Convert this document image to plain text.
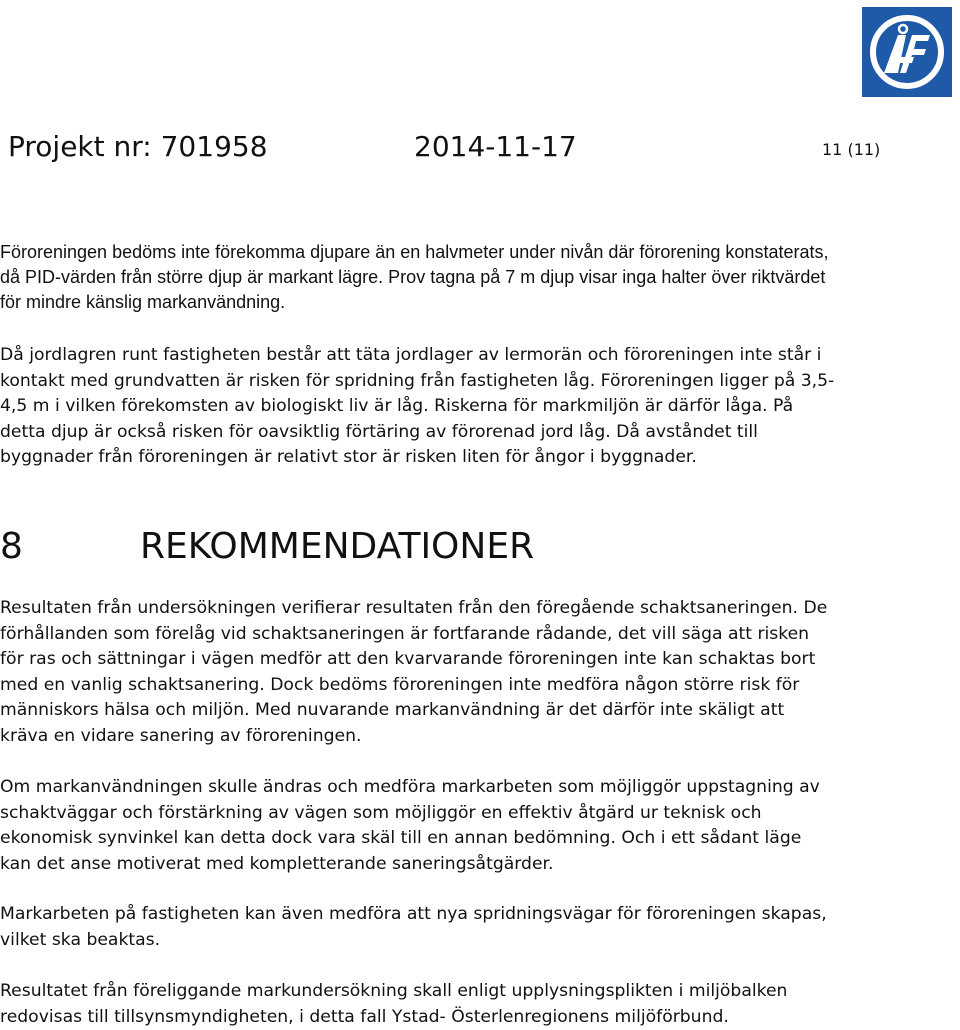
Projekt nr: 701958	2014-11-17	11 (11)

Föroreningen bedöms inte förekomma djupare än en halvmeter under nivån där förorening konstaterats, då PID-värden från större djup är markant lägre. Prov tagna på 7 m djup visar inga halter över riktvärdet för mindre känslig markanvändning.

Då jordlagren runt fastigheten består att täta jordlager av lermorän och föroreningen inte står i kontakt med grundvatten är risken för spridning från fastigheten låg. Föroreningen ligger på 3,5-4,5 m i vilken förekomsten av biologiskt liv är låg. Riskerna för markmiljön är därför låga. På detta djup är också risken för oavsiktlig förtäring av förorenad jord låg. Då avståndet till byggnader från föroreningen är relativt stor är risken liten för ångor i byggnader.

8	REKOMMENDATIONER

Resultaten från undersökningen verifierar resultaten från den föregående schaktsaneringen. De förhållanden som förelåg vid schaktsaneringen är fortfarande rådande, det vill säga att risken för ras och sättningar i vägen medför att den kvarvarande föroreningen inte kan schaktas bort med en vanlig schaktsanering. Dock bedöms föroreningen inte medföra någon större risk för människors hälsa och miljön. Med nuvarande markanvändning är det därför inte skäligt att kräva en vidare sanering av föroreningen.

Om markanvändningen skulle ändras och medföra markarbeten som möjliggör uppstagning av schaktväggar och förstärkning av vägen som möjliggör en effektiv åtgärd ur teknisk och ekonomisk synvinkel kan detta dock vara skäl till en annan bedömning. Och i ett sådant läge kan det anse motiverat med kompletterande saneringsåtgärder.

Markarbeten på fastigheten kan även medföra att nya spridningsvägar för föroreningen skapas, vilket ska beaktas.

Resultatet från föreliggande markundersökning skall enligt upplysningsplikten i miljöbalken redovisas till tillsynsmyndigheten, i detta fall Ystad- Österlenregionens miljöförbund.
